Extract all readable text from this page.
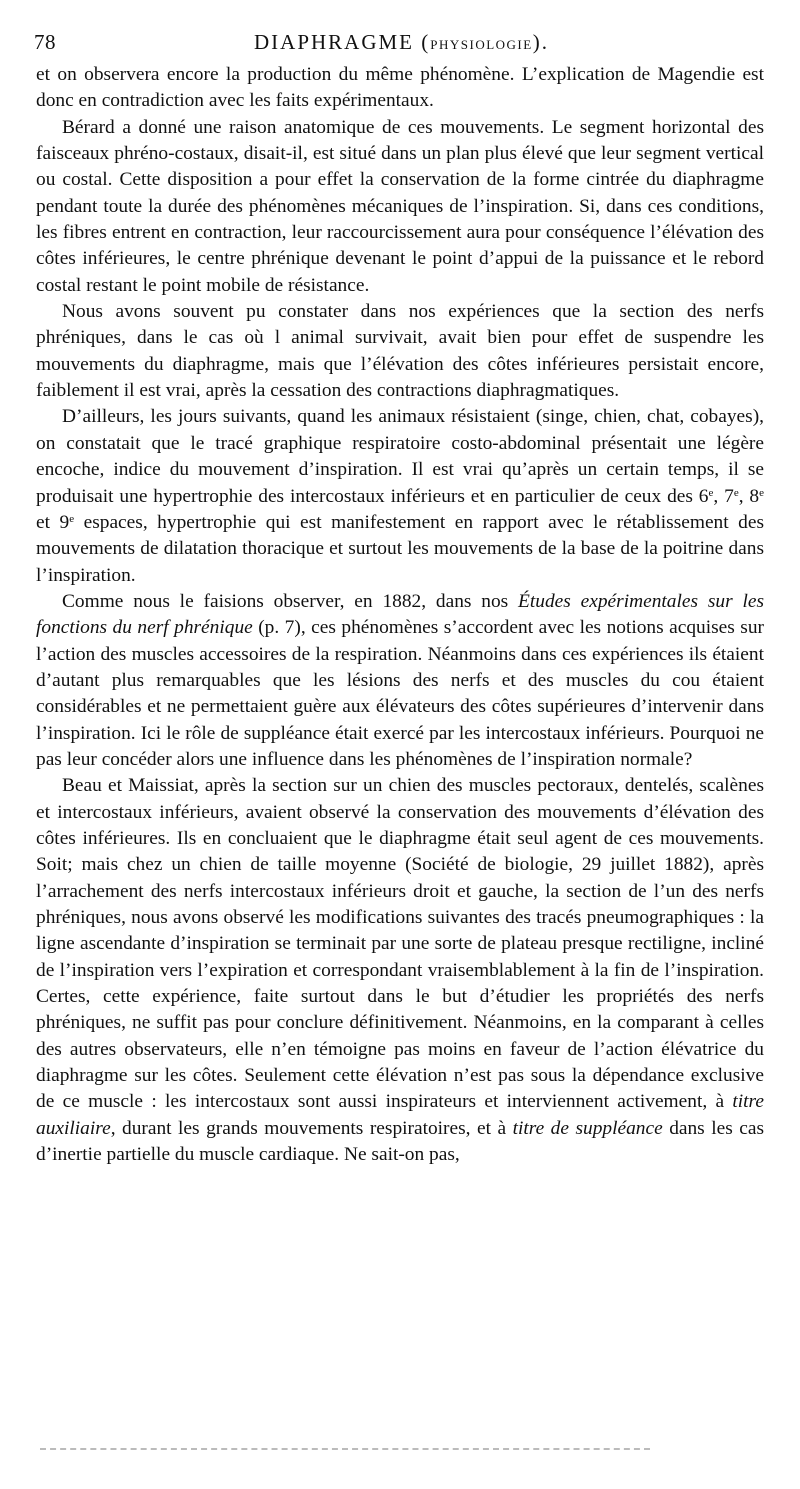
78	DIAPHRAGME (PHYSIOLOGIE).

et on observera encore la production du même phénomène. L’explication de Magendie est donc en contradiction avec les faits expérimentaux.

Bérard a donné une raison anatomique de ces mouvements. Le segment horizontal des faisceaux phréno-costaux, disait-il, est situé dans un plan plus élevé que leur segment vertical ou costal. Cette disposition a pour effet la conservation de la forme cintrée du diaphragme pendant toute la durée des phénomènes mécaniques de l’inspiration. Si, dans ces conditions, les fibres entrent en contraction, leur raccourcissement aura pour conséquence l’élévation des côtes inférieures, le centre phrénique devenant le point d’appui de la puissance et le rebord costal restant le point mobile de résistance.

Nous avons souvent pu constater dans nos expériences que la section des nerfs phréniques, dans le cas où l animal survivait, avait bien pour effet de suspendre les mouvements du diaphragme, mais que l’élévation des côtes inférieures persistait encore, faiblement il est vrai, après la cessation des contractions diaphragmatiques.

D’ailleurs, les jours suivants, quand les animaux résistaient (singe, chien, chat, cobayes), on constatait que le tracé graphique respiratoire costo-abdominal présentait une légère encoche, indice du mouvement d’inspiration. Il est vrai qu’après un certain temps, il se produisait une hypertrophie des intercostaux inférieurs et en particulier de ceux des 6e, 7e, 8e et 9e espaces, hypertrophie qui est manifestement en rapport avec le rétablissement des mouvements de dilatation thoracique et surtout les mouvements de la base de la poitrine dans l’inspiration.

Comme nous le faisions observer, en 1882, dans nos Études expérimentales sur les fonctions du nerf phrénique (p. 7), ces phénomènes s’accordent avec les notions acquises sur l’action des muscles accessoires de la respiration. Néanmoins dans ces expériences ils étaient d’autant plus remarquables que les lésions des nerfs et des muscles du cou étaient considérables et ne permettaient guère aux élévateurs des côtes supérieures d’intervenir dans l’inspiration. Ici le rôle de suppléance était exercé par les intercostaux inférieurs. Pourquoi ne pas leur concéder alors une influence dans les phénomènes de l’inspiration normale?

Beau et Maissiat, après la section sur un chien des muscles pectoraux, dentelés, scalènes et intercostaux inférieurs, avaient observé la conservation des mouvements d’élévation des côtes inférieures. Ils en concluaient que le diaphragme était seul agent de ces mouvements. Soit; mais chez un chien de taille moyenne (Société de biologie, 29 juillet 1882), après l’arrachement des nerfs intercostaux inférieurs droit et gauche, la section de l’un des nerfs phréniques, nous avons observé les modifications suivantes des tracés pneumographiques : la ligne ascendante d’inspiration se terminait par une sorte de plateau presque rectiligne, incliné de l’inspiration vers l’expiration et correspondant vraisemblablement à la fin de l’inspiration. Certes, cette expérience, faite surtout dans le but d’étudier les propriétés des nerfs phréniques, ne suffit pas pour conclure définitivement. Néanmoins, en la comparant à celles des autres observateurs, elle n’en témoigne pas moins en faveur de l’action élévatrice du diaphragme sur les côtes. Seulement cette élévation n’est pas sous la dépendance exclusive de ce muscle : les intercostaux sont aussi inspirateurs et interviennent activement, à titre auxiliaire, durant les grands mouvements respiratoires, et à titre de suppléance dans les cas d’inertie partielle du muscle cardiaque. Ne sait-on pas,
